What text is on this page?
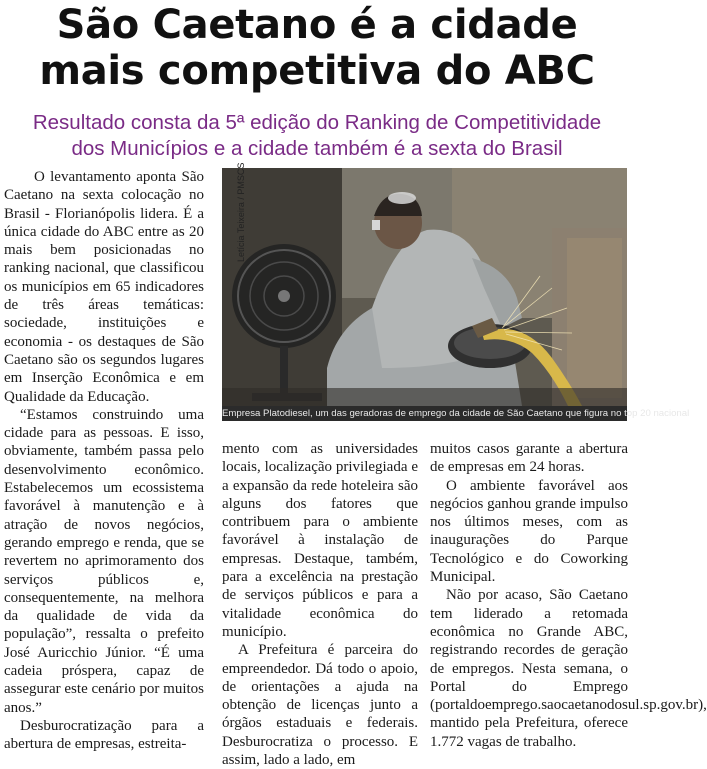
São Caetano é a cidade
mais competitiva do ABC
Resultado consta da 5ª edição do Ranking de Competitividade
dos Municípios e a cidade também é a sexta do Brasil

O levantamento aponta São Caetano na sexta colocação no Brasil - Florianópolis lidera. É a única cidade do ABC entre as 20 mais bem posicionadas no ranking nacional, que classificou os municípios em 65 indicadores de três áreas temáticas: sociedade, instituições e economia - os destaques de São Caetano são os segundos lugares em Inserção Econômica e em Qualidade da Educação.

“Estamos construindo uma cidade para as pessoas. E isso, obviamente, também passa pelo desenvolvimento econômico. Estabelecemos um ecossistema favorável à manutenção e à atração de novos negócios, gerando emprego e renda, que se revertem no aprimoramento dos serviços públicos e, consequentemente, na melhora da qualidade de vida da população”, ressalta o prefeito José Auricchio Júnior. “É uma cadeia próspera, capaz de assegurar este cenário por muitos anos.”

Desburocratização para a abertura de empresas, estreita-

Letícia Teixeira / PMSCS
Empresa Platodiesel, um das geradoras de emprego da cidade de São Caetano que figura no top 20 nacional

mento com as universidades locais, localização privilegiada e a expansão da rede hoteleira são alguns dos fatores que contribuem para o ambiente favorável à instalação de empresas. Destaque, também, para a excelência na prestação de serviços públicos e para a vitalidade econômica do município.

A Prefeitura é parceira do empreendedor. Dá todo o apoio, de orientações a ajuda na obtenção de licenças junto a órgãos estaduais e federais. Desburocratiza o processo. E assim, lado a lado, em

muitos casos garante a abertura de empresas em 24 horas.

O ambiente favorável aos negócios ganhou grande impulso nos últimos meses, com as inaugurações do Parque Tecnológico e do Coworking Municipal.

Não por acaso, São Caetano tem liderado a retomada econômica no Grande ABC, registrando recordes de geração de empregos. Nesta semana, o Portal do Emprego (portaldoemprego.saocaetanodosul.sp.gov.br), mantido pela Prefeitura, oferece 1.772 vagas de trabalho.
